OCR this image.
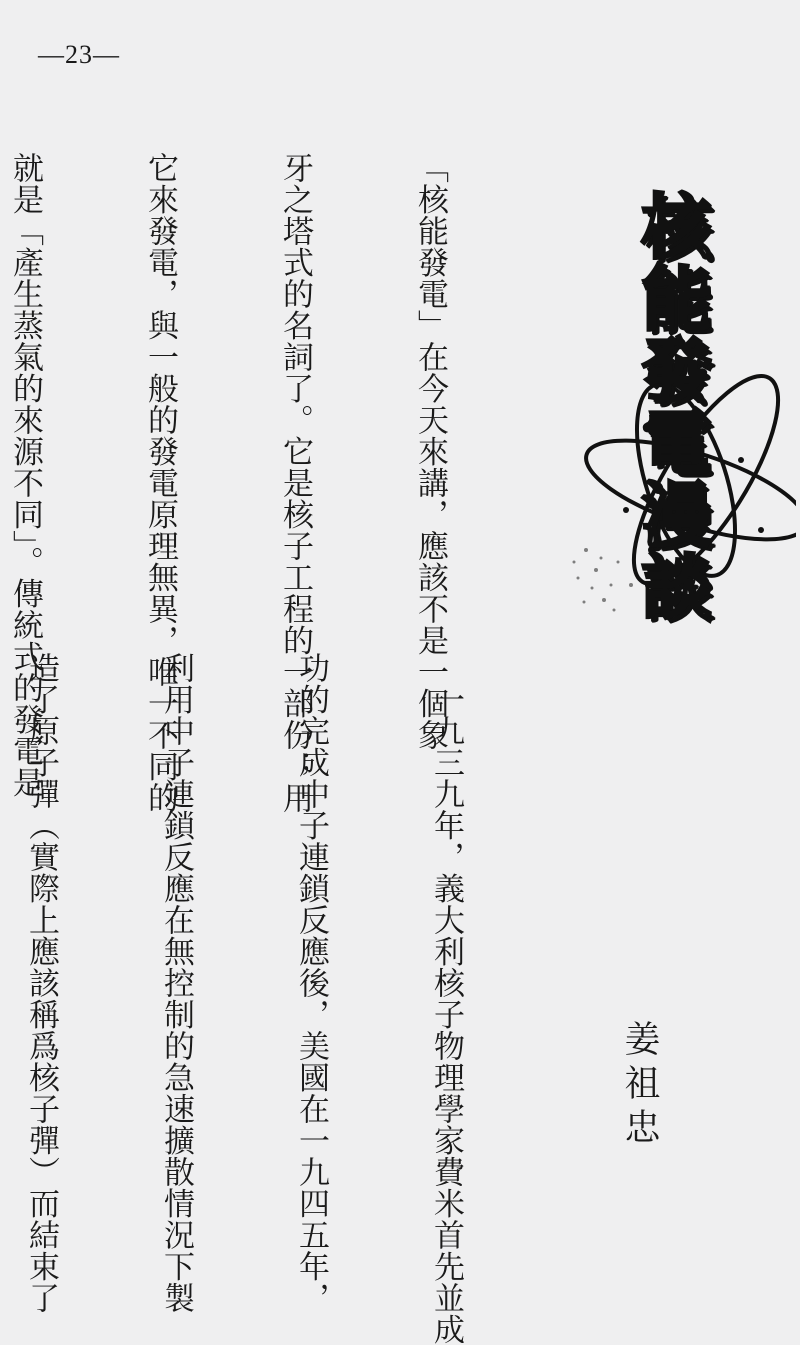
—23—
核能發電漫談

「核能發電」在今天來講，應該不是一個象

牙之塔式的名詞了。它是核子工程的一部份；用

它來發電，與一般的發電原理無異，唯一不同的

就是「產生蒸氣的來源不同」。傳統式的發電是

　一九三九年，義大利核子物理學家費米首先並成

功的完成中子連鎖反應後，美國在一九四五年，

利用中子連鎖反應在無控制的急速擴散情況下製

造了原子彈（實際上應該稱爲核子彈）而結束了

	姜祖忠
